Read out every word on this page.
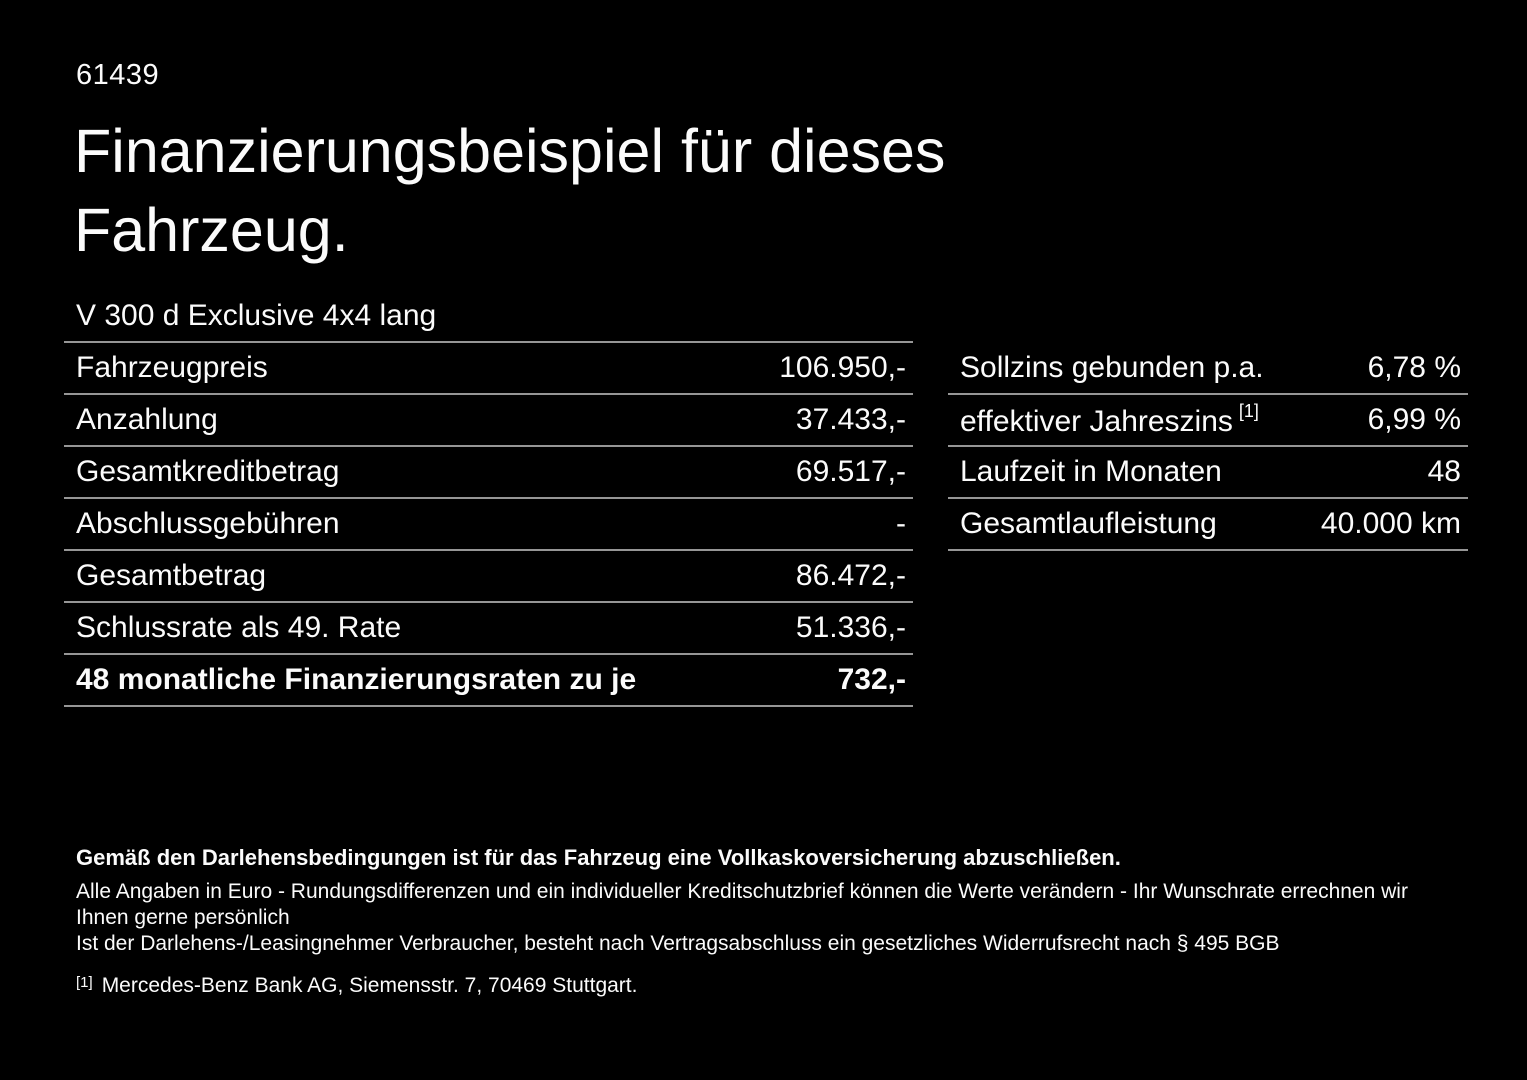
61439
Finanzierungsbeispiel für dieses Fahrzeug.
V 300 d Exclusive 4x4 lang
Fahrzeugpreis	106.950,-
Anzahlung	37.433,-
Gesamtkreditbetrag	69.517,-
Abschlussgebühren	-
Gesamtbetrag	86.472,-
Schlussrate als 49. Rate	51.336,-
48 monatliche Finanzierungsraten zu je	732,-
Sollzins gebunden p.a.	6,78 %
effektiver Jahreszins [1]	6,99 %
Laufzeit in Monaten	48
Gesamtlaufleistung	40.000 km

Gemäß den Darlehensbedingungen ist für das Fahrzeug eine Vollkaskoversicherung abzuschließen.

Alle Angaben in Euro - Rundungsdifferenzen und ein individueller Kreditschutzbrief können die Werte verändern - Ihr Wunschrate errechnen wir Ihnen gerne persönlich

Ist der Darlehens-/Leasingnehmer Verbraucher, besteht nach Vertragsabschluss ein gesetzliches Widerrufsrecht nach § 495 BGB

[1] Mercedes-Benz Bank AG, Siemensstr. 7, 70469 Stuttgart.
